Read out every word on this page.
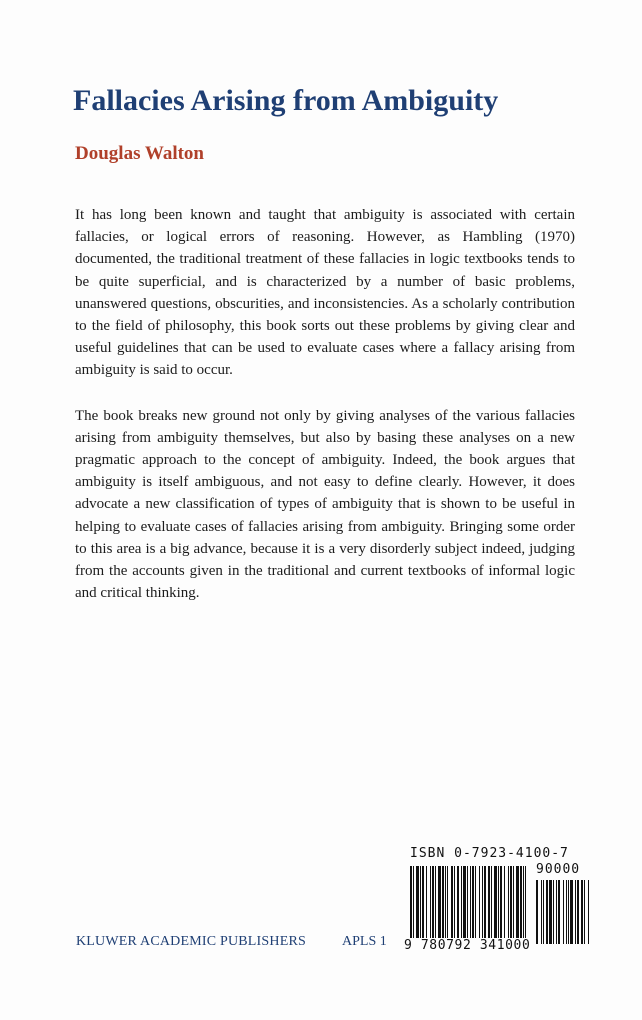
Fallacies Arising from Ambiguity
Douglas Walton

It has long been known and taught that ambiguity is associated with certain fallacies, or logical errors of reasoning. However, as Hambling (1970) documented, the traditional treatment of these fallacies in logic textbooks tends to be quite superficial, and is characterized by a number of basic problems, unanswered questions, obscurities, and inconsistencies. As a scholarly contribution to the field of philosophy, this book sorts out these problems by giving clear and useful guidelines that can be used to evaluate cases where a fallacy arising from ambiguity is said to occur.

The book breaks new ground not only by giving analyses of the various fallacies arising from ambiguity themselves, but also by basing these analyses on a new pragmatic approach to the concept of ambiguity. Indeed, the book argues that ambiguity is itself ambiguous, and not easy to define clearly. However, it does advocate a new classification of types of ambiguity that is shown to be useful in helping to evaluate cases of fallacies arising from ambiguity. Bringing some order to this area is a big advance, because it is a very disorderly subject indeed, judging from the accounts given in the traditional and current textbooks of informal logic and critical thinking.

KLUWER ACADEMIC PUBLISHERS	APLS 1
ISBN 0-7923-4100-7
90000
9 780792 341000
